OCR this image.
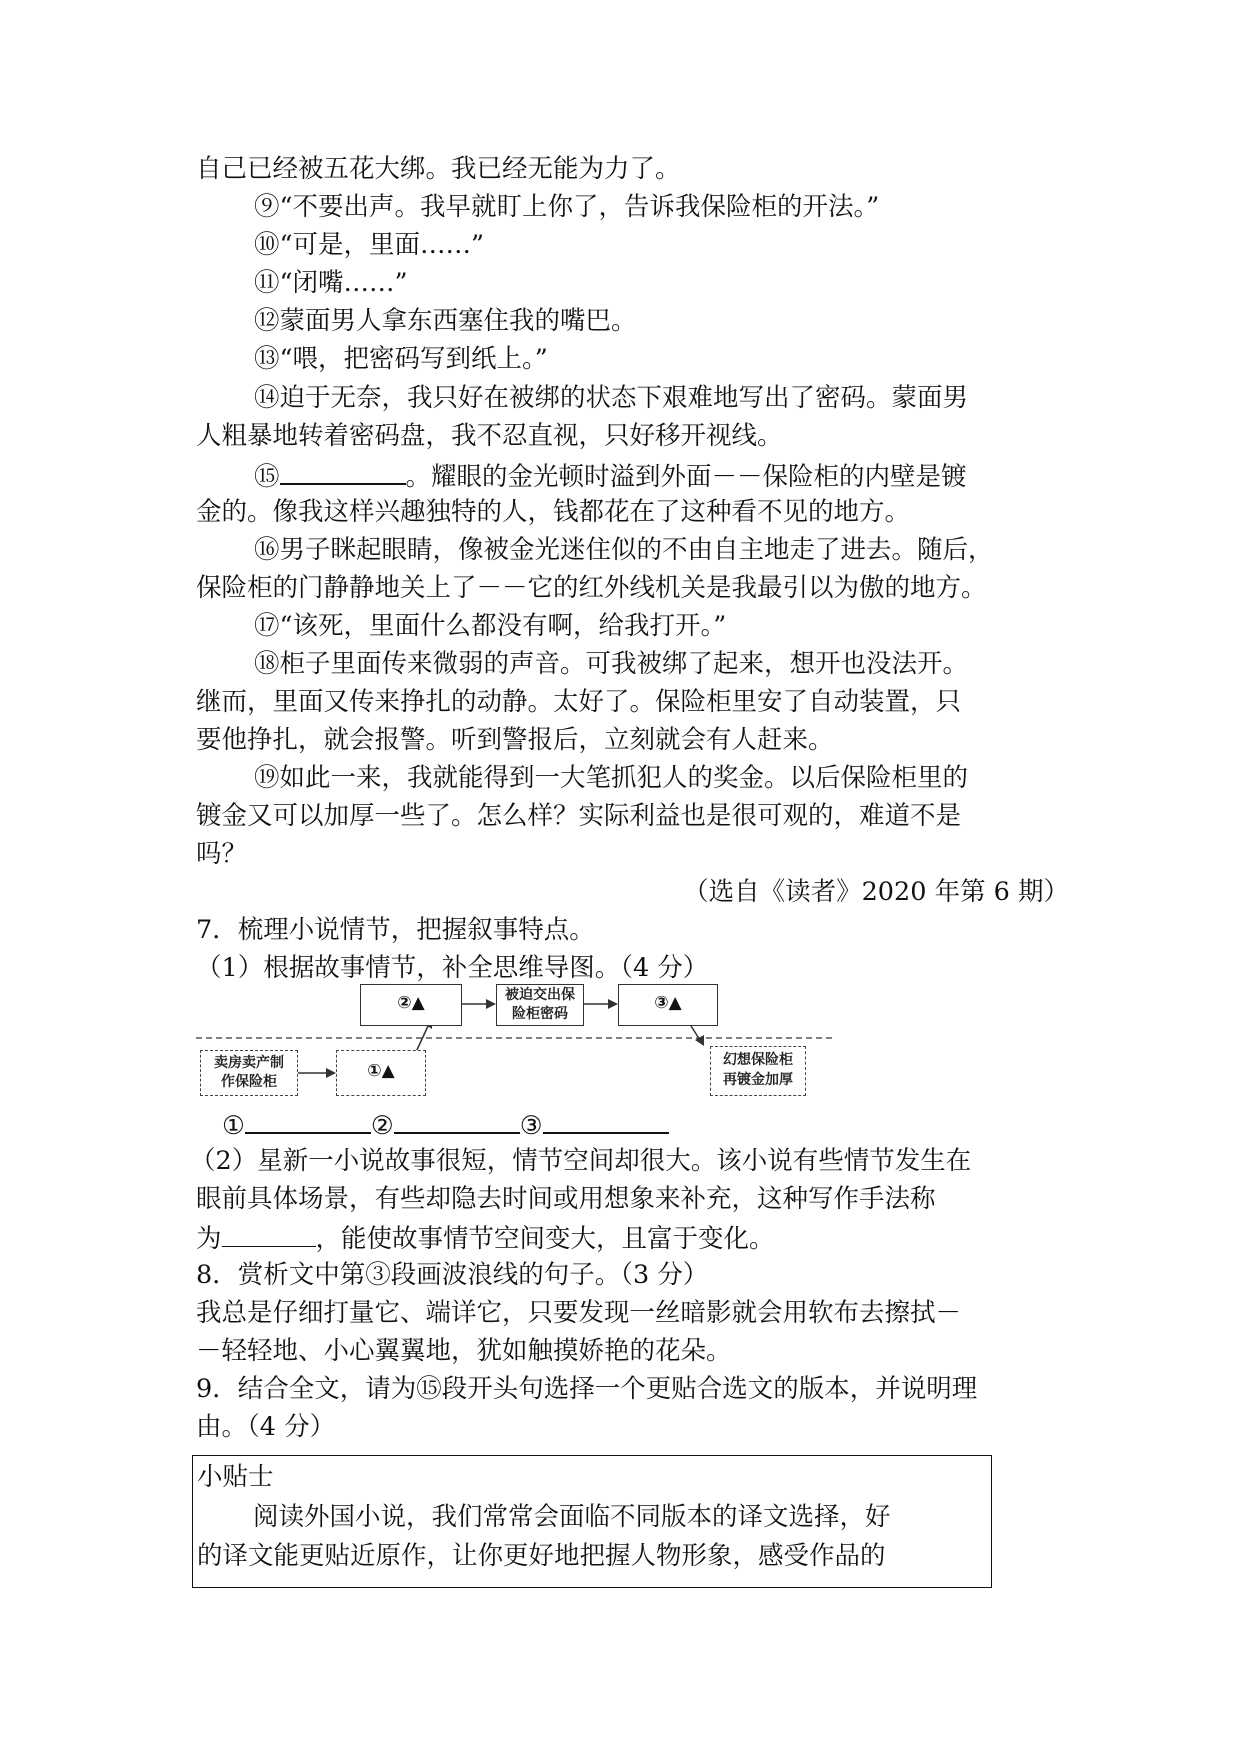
自己已经被五花大绑。我已经无能为力了。
⑨“不要出声。我早就盯上你了，告诉我保险柜的开法。”
⑩“可是，里面……”
⑪“闭嘴……”
⑫蒙面男人拿东西塞住我的嘴巴。
⑬“喂，把密码写到纸上。”
⑭迫于无奈，我只好在被绑的状态下艰难地写出了密码。蒙面男
人粗暴地转着密码盘，我不忍直视，只好移开视线。
⑮	。耀眼的金光顿时溢到外面－－保险柜的内壁是镀
金的。像我这样兴趣独特的人，钱都花在了这种看不见的地方。
⑯男子眯起眼睛，像被金光迷住似的不由自主地走了进去。随后，
保险柜的门静静地关上了－－它的红外线机关是我最引以为傲的地方。
⑰“该死，里面什么都没有啊，给我打开。”
⑱柜子里面传来微弱的声音。可我被绑了起来，想开也没法开。
继而，里面又传来挣扎的动静。太好了。保险柜里安了自动装置，只
要他挣扎，就会报警。听到警报后，立刻就会有人赶来。
⑲如此一来，我就能得到一大笔抓犯人的奖金。以后保险柜里的
镀金又可以加厚一些了。怎么样？实际利益也是很可观的，难道不是
吗？
（选自《读者》2020 年第 6 期）
7．梳理小说情节，把握叙事特点。
（1）根据故事情节，补全思维导图。（4 分）
卖房卖产制
作保险柜
①▲
②▲	被迫交出保
险柜密码
③▲
幻想保险柜
再镀金加厚
①	②	③
（2）星新一小说故事很短，情节空间却很大。该小说有些情节发生在
眼前具体场景，有些却隐去时间或用想象来补充，这种写作手法称
为	，能使故事情节空间变大，且富于变化。
8．赏析文中第③段画波浪线的句子。（3 分）
我总是仔细打量它、端详它，只要发现一丝暗影就会用软布去擦拭－
－轻轻地、小心翼翼地，犹如触摸娇艳的花朵。
9．结合全文，请为⑮段开头句选择一个更贴合选文的版本，并说明理
由。（4 分）
小贴士
阅读外国小说，我们常常会面临不同版本的译文选择，好
的译文能更贴近原作，让你更好地把握人物形象，感受作品的
